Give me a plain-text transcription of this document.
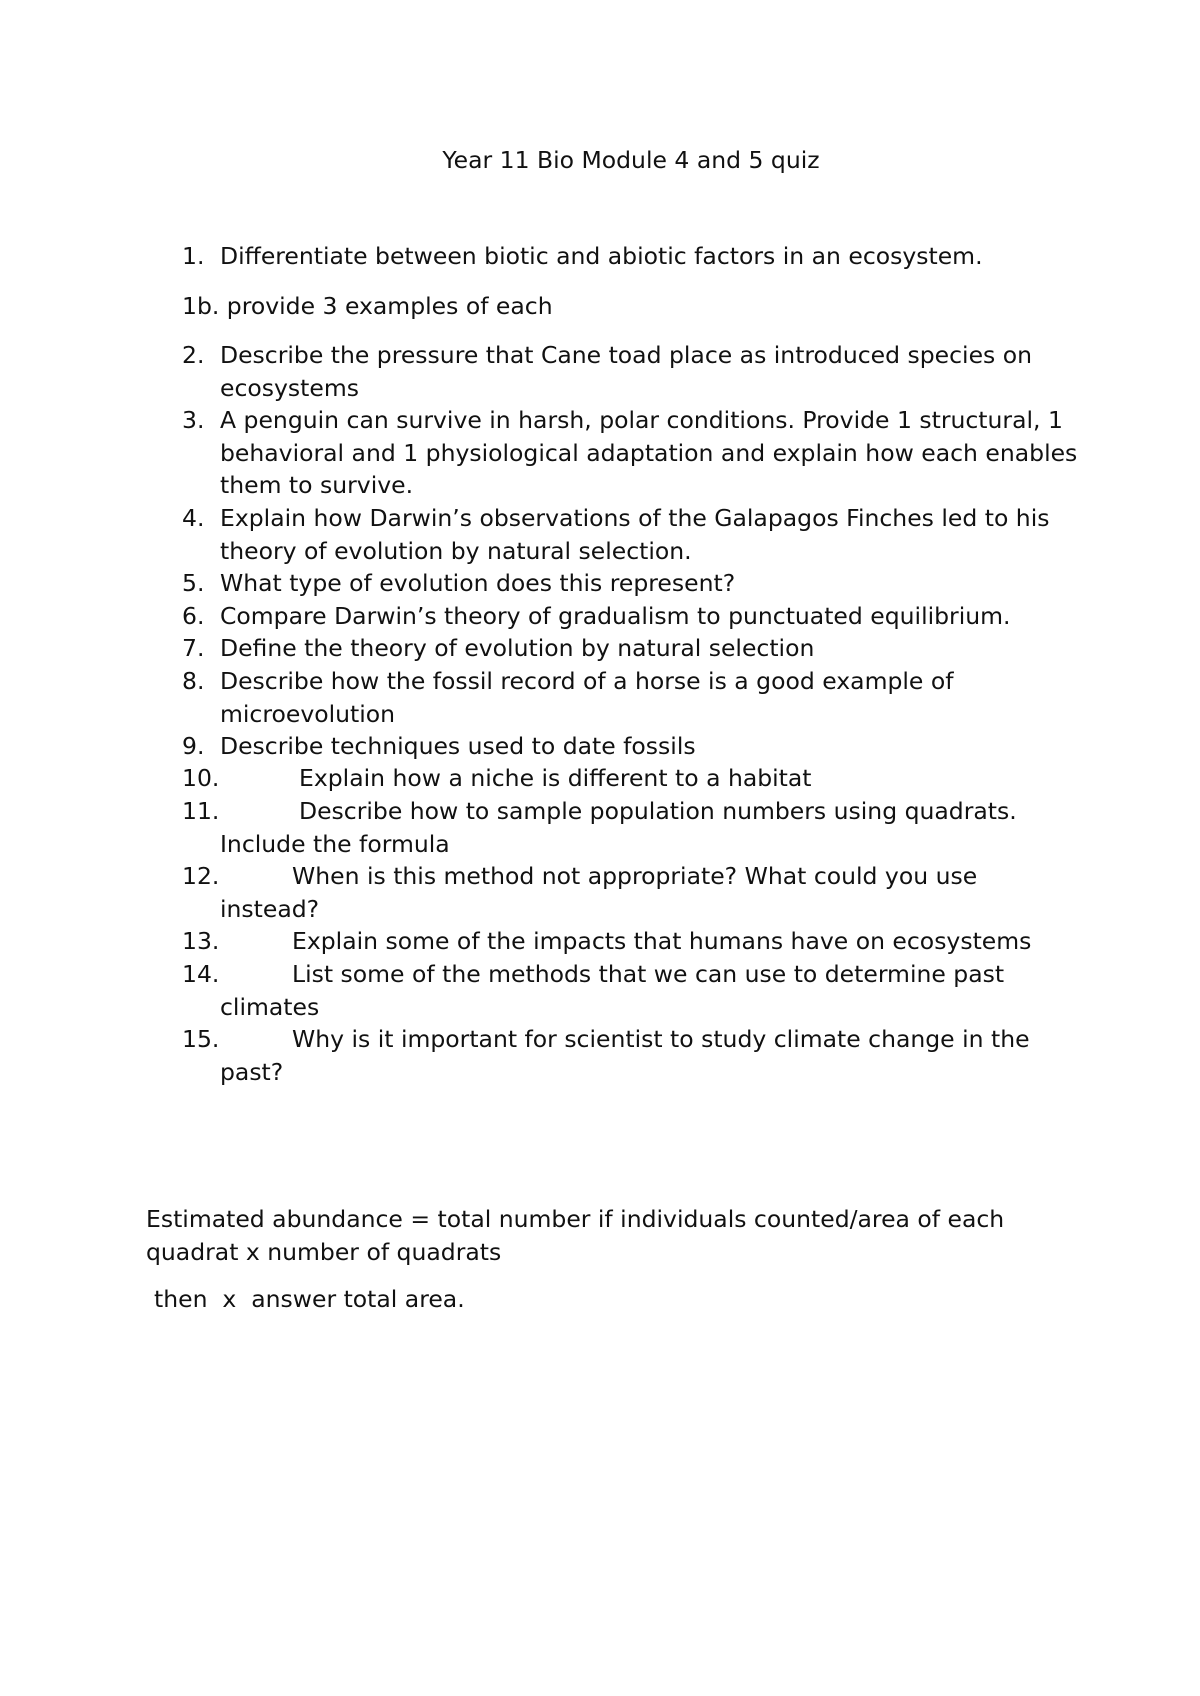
Year 11 Bio Module 4 and 5 quiz
1. Differentiate between biotic and abiotic factors in an ecosystem.
1b. provide 3 examples of each
2. Describe the pressure that Cane toad place as introduced species on ecosystems
3. A penguin can survive in harsh, polar conditions. Provide 1 structural, 1 behavioral and 1 physiological adaptation and explain how each enables them to survive.
4. Explain how Darwin’s observations of the Galapagos Finches led to his theory of evolution by natural selection.
5. What type of evolution does this represent?
6. Compare Darwin’s theory of gradualism to punctuated equilibrium.
7. Define the theory of evolution by natural selection
8. Describe how the fossil record of a horse is a good example of microevolution
9. Describe techniques used to date fossils
10.	Explain how a niche is different to a habitat
11.	Describe how to sample population numbers using quadrats. Include the formula
12.	When is this method not appropriate? What could you use instead?
13.	Explain some of the impacts that humans have on ecosystems
14.	List some of the methods that we can use to determine past climates
15.	Why is it important for scientist to study climate change in the past?
Estimated abundance = total number if individuals counted/area of each quadrat x number of quadrats
then  x  answer total area.
